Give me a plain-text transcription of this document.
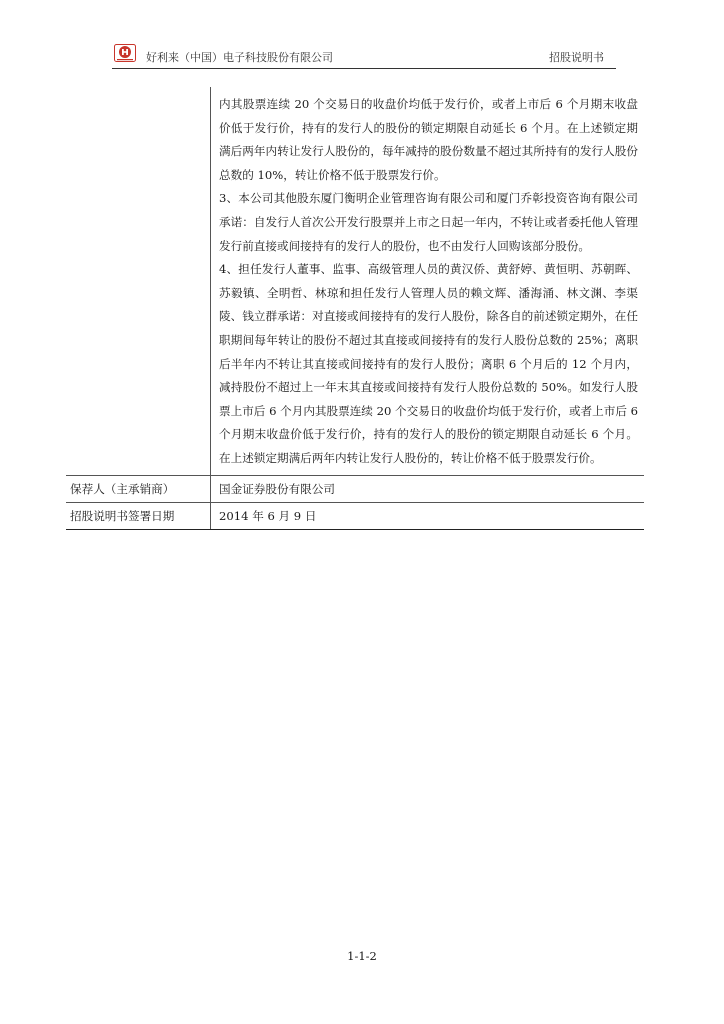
好利来（中国）电子科技股份有限公司	招股说明书

	内其股票连续 20 个交易日的收盘价均低于发行价，或者上市后 6 个月期末收盘价低于发行价，持有的发行人的股份的锁定期限自动延长 6 个月。在上述锁定期满后两年内转让发行人股份的，每年减持的股份数量不超过其所持有的发行人股份总数的 10%，转让价格不低于股票发行价。

3、本公司其他股东厦门衡明企业管理咨询有限公司和厦门乔彰投资咨询有限公司承诺：自发行人首次公开发行股票并上市之日起一年内，不转让或者委托他人管理发行前直接或间接持有的发行人的股份，也不由发行人回购该部分股份。

4、担任发行人董事、监事、高级管理人员的黄汉侨、黄舒婷、黄恒明、苏朝晖、苏毅镇、全明哲、林琼和担任发行人管理人员的赖文辉、潘海涌、林文渊、李渠陵、钱立群承诺：对直接或间接持有的发行人股份，除各自的前述锁定期外，在任职期间每年转让的股份不超过其直接或间接持有的发行人股份总数的 25%；离职后半年内不转让其直接或间接持有的发行人股份；离职 6 个月后的 12 个月内，减持股份不超过上一年末其直接或间接持有发行人股份总数的 50%。如发行人股票上市后 6 个月内其股票连续 20 个交易日的收盘价均低于发行价，或者上市后 6 个月期末收盘价低于发行价，持有的发行人的股份的锁定期限自动延长 6 个月。在上述锁定期满后两年内转让发行人股份的，转让价格不低于股票发行价。

保荐人（主承销商）	国金证券股份有限公司
招股说明书签署日期	2014 年 6 月 9 日
1-1-2
